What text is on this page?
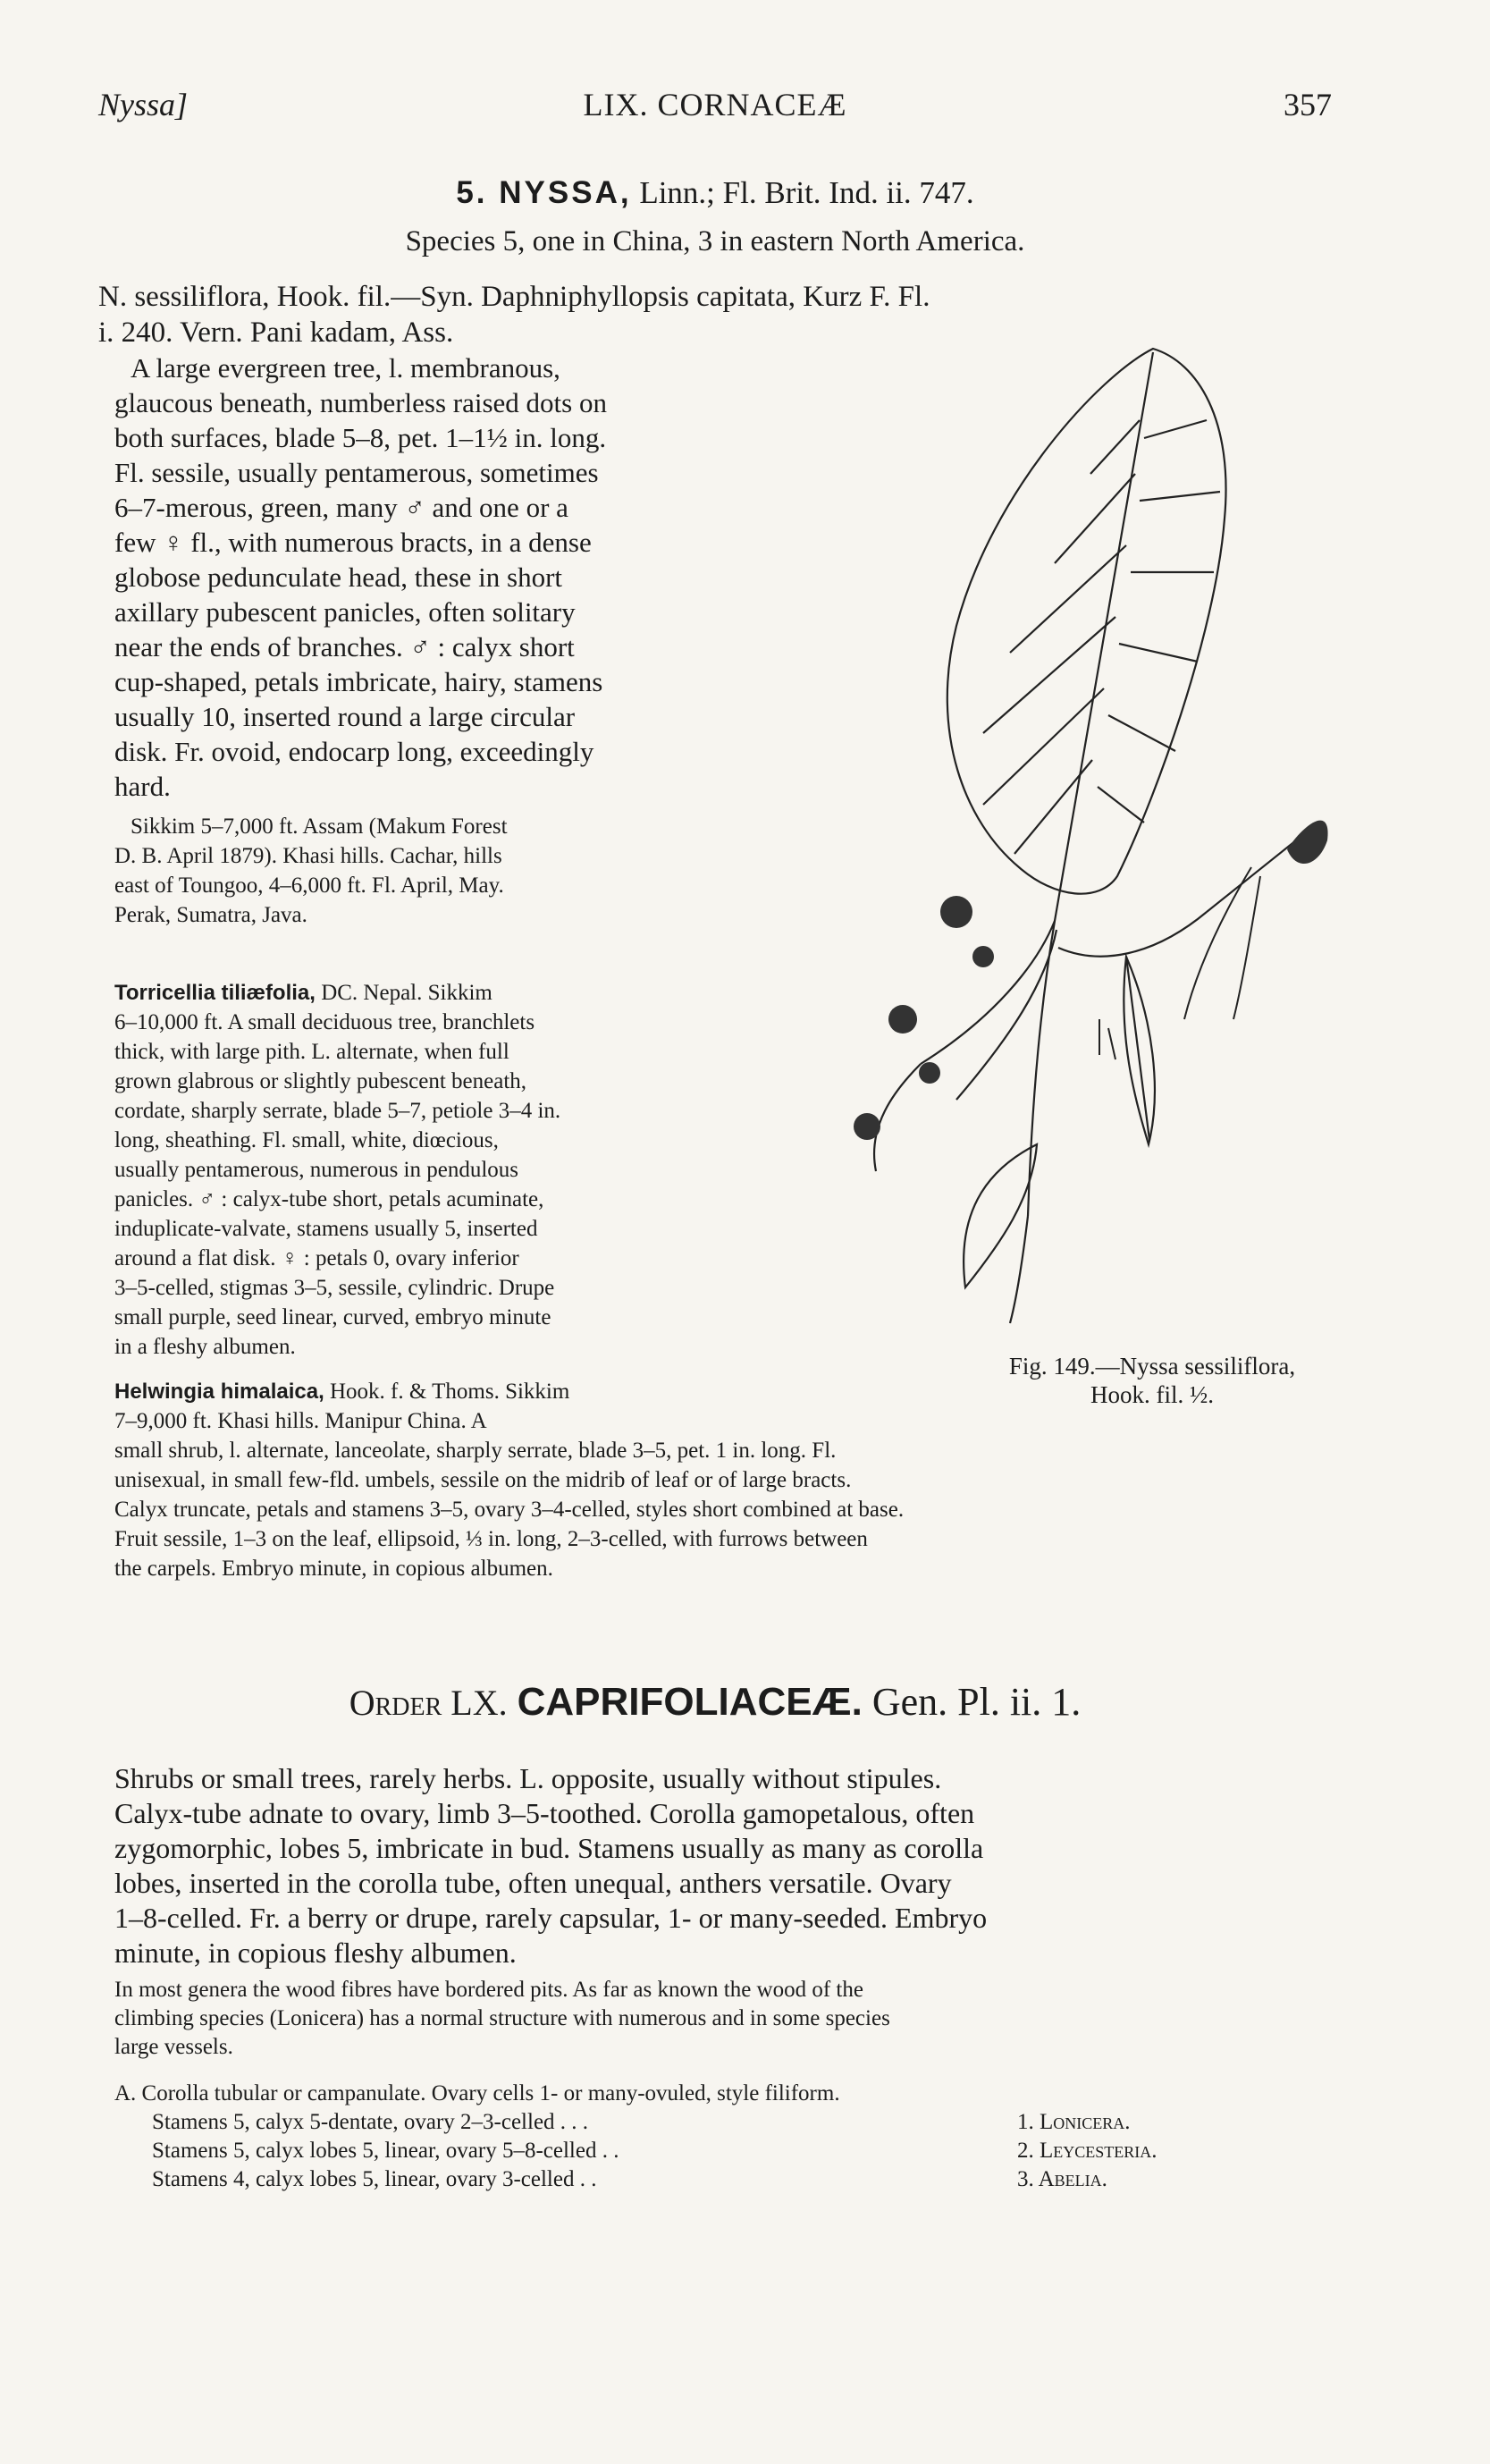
Nyssa]	LIX. CORNACEÆ	357
5. NYSSA, Linn.; Fl. Brit. Ind. ii. 747.
Species 5, one in China, 3 in eastern North America.
N. sessiliflora, Hook. fil.—Syn. Daphniphyllopsis capitata, Kurz F. Fl.
i. 240. Vern. Pani kadam, Ass.
A large evergreen tree, l. membranous,
glaucous beneath, numberless raised dots on
both surfaces, blade 5–8, pet. 1–1½ in. long.
Fl. sessile, usually pentamerous, sometimes
6–7-merous, green, many ♂ and one or a
few ♀ fl., with numerous bracts, in a dense
globose pedunculate head, these in short
axillary pubescent panicles, often solitary
near the ends of branches. ♂ : calyx short
cup-shaped, petals imbricate, hairy, stamens
usually 10, inserted round a large circular
disk. Fr. ovoid, endocarp long, exceedingly
hard.
Sikkim 5–7,000 ft. Assam (Makum Forest
D. B. April 1879). Khasi hills. Cachar, hills
east of Toungoo, 4–6,000 ft. Fl. April, May.
Perak, Sumatra, Java.
Torricellia tiliæfolia, DC. Nepal. Sikkim
6–10,000 ft. A small deciduous tree, branchlets
thick, with large pith. L. alternate, when full
grown glabrous or slightly pubescent beneath,
cordate, sharply serrate, blade 5–7, petiole 3–4 in.
long, sheathing. Fl. small, white, diœcious,
usually pentamerous, numerous in pendulous
panicles. ♂ : calyx-tube short, petals acuminate,
induplicate-valvate, stamens usually 5, inserted
around a flat disk. ♀ : petals 0, ovary inferior
3–5-celled, stigmas 3–5, sessile, cylindric. Drupe
small purple, seed linear, curved, embryo minute
in a fleshy albumen.
Helwingia himalaica, Hook. f. & Thoms. Sikkim
7–9,000 ft. Khasi hills. Manipur China. A
small shrub, l. alternate, lanceolate, sharply serrate, blade 3–5, pet. 1 in. long. Fl.
unisexual, in small few-fld. umbels, sessile on the midrib of leaf or of large bracts.
Calyx truncate, petals and stamens 3–5, ovary 3–4-celled, styles short combined at base.
Fruit sessile, 1–3 on the leaf, ellipsoid, ⅓ in. long, 2–3-celled, with furrows between
the carpels. Embryo minute, in copious albumen.
Fig. 149.—Nyssa sessiliflora,
Hook. fil. ½.
Order LX. CAPRIFOLIACEÆ. Gen. Pl. ii. 1.
Shrubs or small trees, rarely herbs. L. opposite, usually without stipules.
Calyx-tube adnate to ovary, limb 3–5-toothed. Corolla gamopetalous, often
zygomorphic, lobes 5, imbricate in bud. Stamens usually as many as corolla
lobes, inserted in the corolla tube, often unequal, anthers versatile. Ovary
1–8-celled. Fr. a berry or drupe, rarely capsular, 1- or many-seeded. Embryo
minute, in copious fleshy albumen.
In most genera the wood fibres have bordered pits. As far as known the wood of the
climbing species (Lonicera) has a normal structure with numerous and in some species
large vessels.
A. Corolla tubular or campanulate. Ovary cells 1- or many-ovuled, style filiform.
Stamens 5, calyx 5-dentate, ovary 2–3-celled . . .	1. Lonicera.
Stamens 5, calyx lobes 5, linear, ovary 5–8-celled . .	2. Leycesteria.
Stamens 4, calyx lobes 5, linear, ovary 3-celled . .	3. Abelia.
